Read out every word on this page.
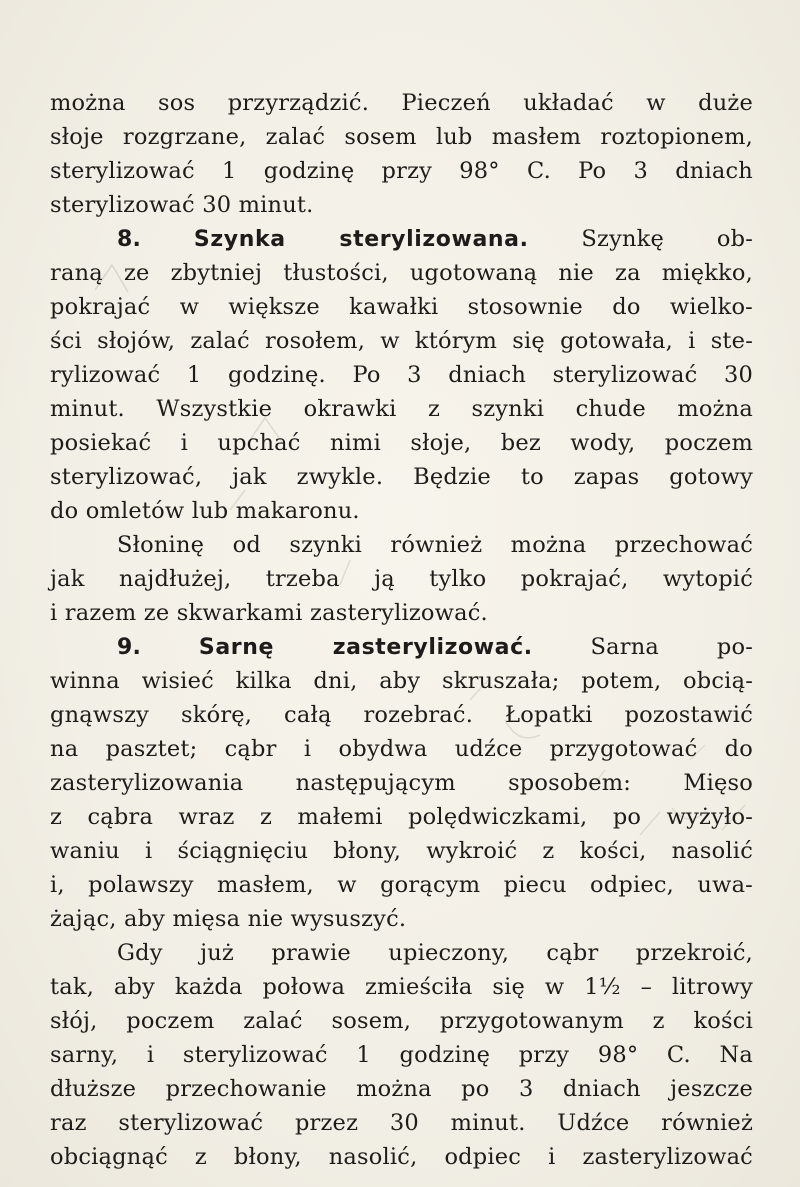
można sos przyrządzić. Pieczeń układać w duże
słoje rozgrzane, zalać sosem lub masłem roztopionem,
sterylizować 1 godzinę przy 98° C. Po 3 dniach
sterylizować 30 minut.
8. Szynka sterylizowana. Szynkę ob-
raną ze zbytniej tłustości, ugotowaną nie za miękko,
pokrajać w większe kawałki stosownie do wielko-
ści słojów, zalać rosołem, w którym się gotowała, i ste-
rylizować 1 godzinę. Po 3 dniach sterylizować 30
minut. Wszystkie okrawki z szynki chude można
posiekać i upchać nimi słoje, bez wody, poczem
sterylizować, jak zwykle. Będzie to zapas gotowy
do omletów lub makaronu.
Słoninę od szynki również można przechować
jak najdłużej, trzeba ją tylko pokrajać, wytopić
i razem ze skwarkami zasterylizować.
9.	Sarnę zasterylizować.	Sarna po-
winna wisieć kilka dni, aby skruszała; potem, obcią-
gnąwszy skórę, całą rozebrać. Łopatki pozostawić
na pasztet; cąbr i obydwa udźce przygotować do
zasterylizowania następującym sposobem: Mięso
z cąbra wraz z małemi polędwiczkami, po wyżyło-
waniu i ściągnięciu błony, wykroić z kości, nasolić
i, polawszy masłem, w gorącym piecu odpiec, uwa-
żając, aby mięsa nie wysuszyć.
Gdy już prawie upieczony, cąbr przekroić,
tak, aby każda połowa zmieściła się w 1½ – litrowy
słój, poczem zalać sosem, przygotowanym z kości
sarny, i sterylizować 1 godzinę przy 98° C. Na
dłuższe przechowanie można po 3 dniach jeszcze
raz sterylizować przez 30 minut. Udźce również
obciągnąć z błony, nasolić, odpiec i zasterylizować
